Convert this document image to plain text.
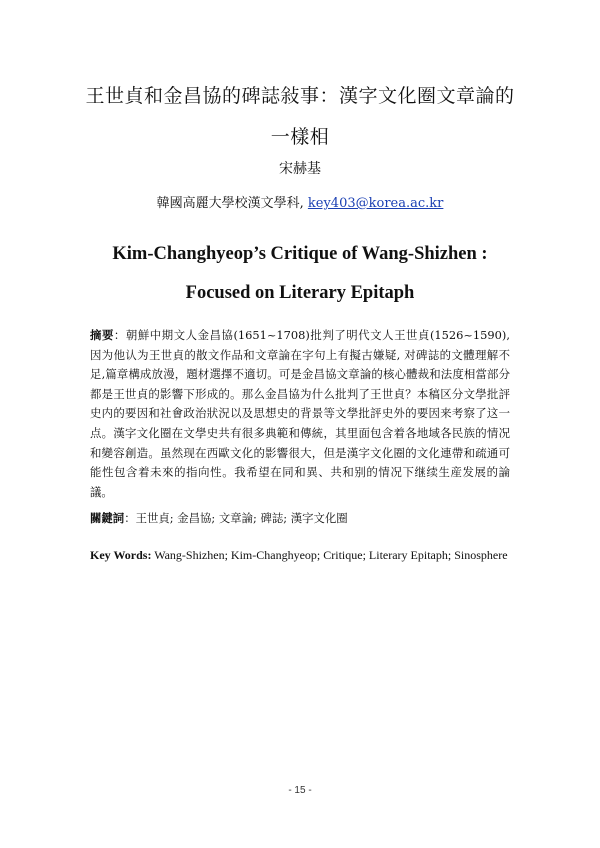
王世貞和金昌協的碑誌敍事：漢字文化圈文章論的
一樣相
宋赫基
韓國高麗大學校漢文學科, key403@korea.ac.kr
Kim-Changhyeop’s Critique of Wang-Shizhen :
Focused on Literary Epitaph
摘要：朝鮮中期文人金昌協(1651~1708)批判了明代文人王世貞(1526~1590), 因为他认为王世貞的散文作品和文章論在字句上有擬古嫌疑, 对碑誌的文體理解不足,篇章構成放漫，題材選擇不適切。可是金昌協文章論的核心體裁和法度相當部分都是王世貞的影響下形成的。那么金昌協为什么批判了王世貞？本稿区分文學批評史内的要因和社會政治狀況以及思想史的背景等文學批評史外的要因来考察了这一点。漢字文化圈在文學史共有很多典範和傳統，其里面包含着各地域各民族的情况和變容創造。虽然现在西歐文化的影響很大，但是漢字文化圈的文化連帶和疏通可能性包含着未來的指向性。我希望在同和異、共和别的情况下继续生産发展的論議。
關鍵詞：王世貞; 金昌協; 文章論; 碑誌; 漢字文化圈
Key Words: Wang-Shizhen; Kim-Changhyeop; Critique; Literary Epitaph; Sinosphere
- 15 -
